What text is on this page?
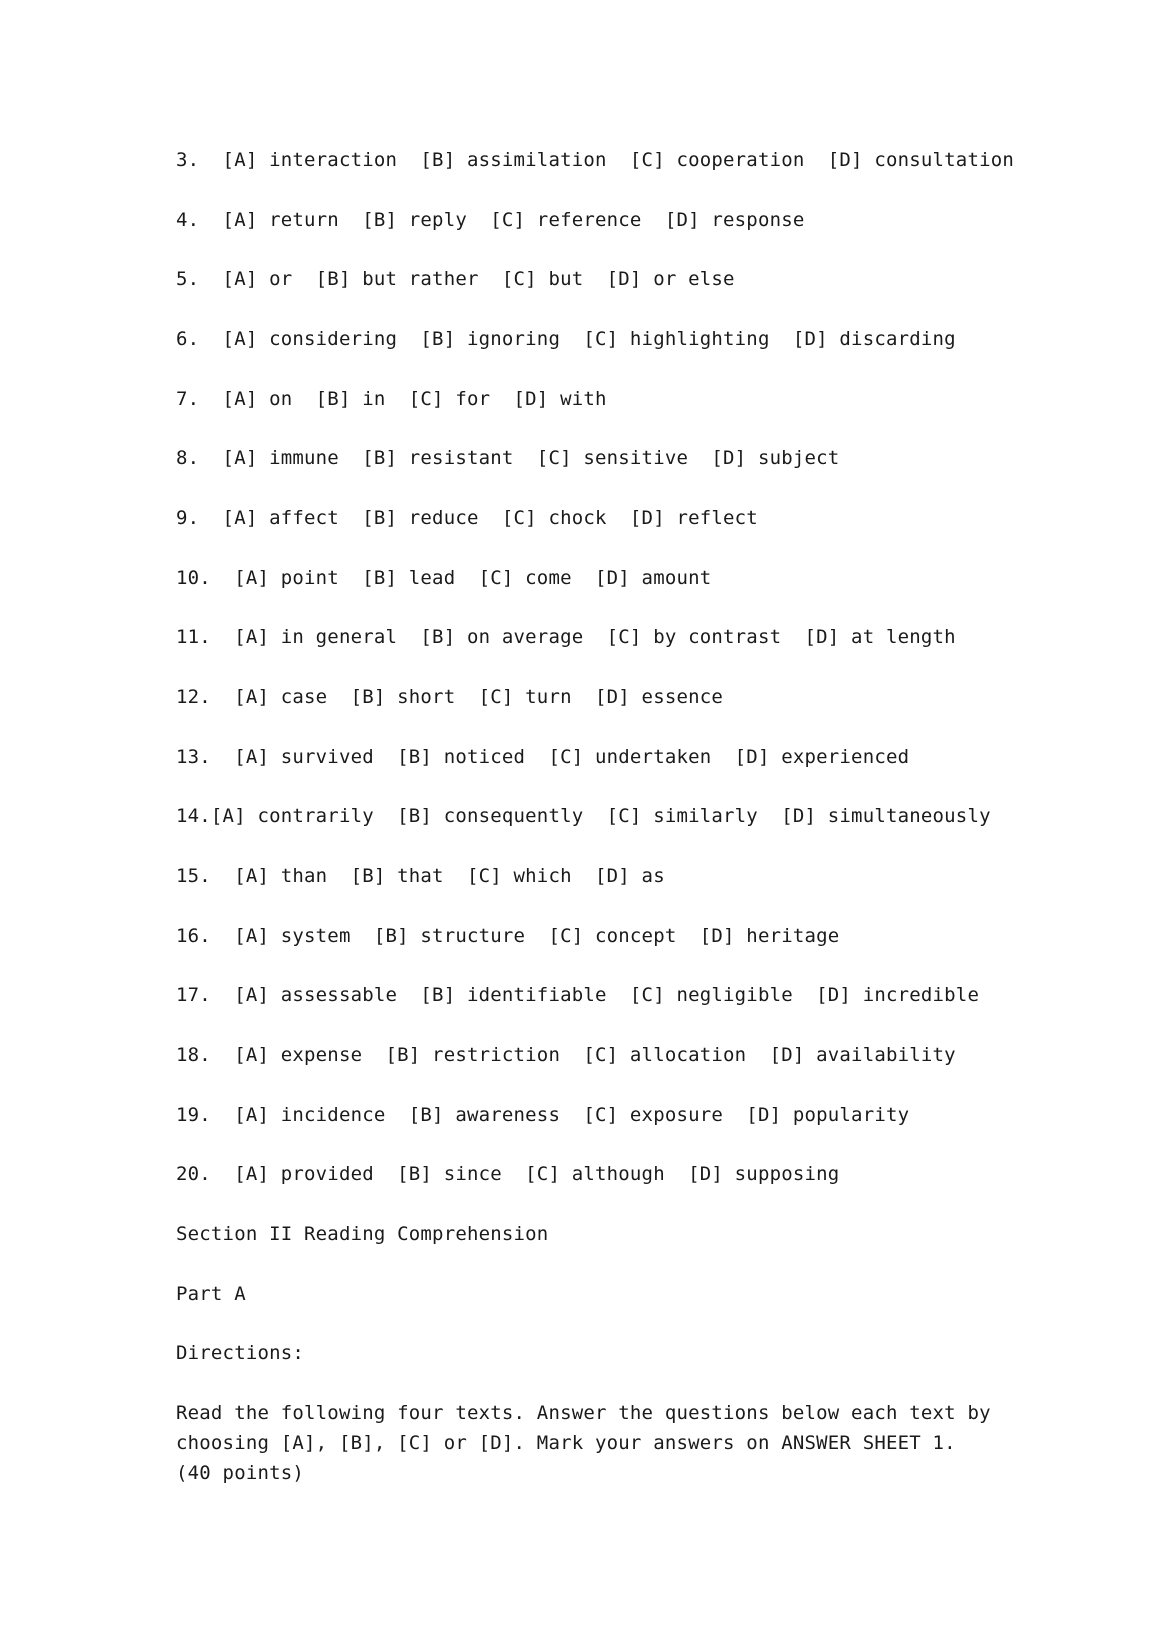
3.  [A] interaction  [B] assimilation  [C] cooperation  [D] consultation
4.  [A] return  [B] reply  [C] reference  [D] response
5.  [A] or  [B] but rather  [C] but  [D] or else
6.  [A] considering  [B] ignoring  [C] highlighting  [D] discarding
7.  [A] on  [B] in  [C] for  [D] with
8.  [A] immune  [B] resistant  [C] sensitive  [D] subject
9.  [A] affect  [B] reduce  [C] chock  [D] reflect
10.  [A] point  [B] lead  [C] come  [D] amount
11.  [A] in general  [B] on average  [C] by contrast  [D] at length
12.  [A] case  [B] short  [C] turn  [D] essence
13.  [A] survived  [B] noticed  [C] undertaken  [D] experienced
14.[A] contrarily  [B] consequently  [C] similarly  [D] simultaneously
15.  [A] than  [B] that  [C] which  [D] as
16.  [A] system  [B] structure  [C] concept  [D] heritage
17.  [A] assessable  [B] identifiable  [C] negligible  [D] incredible
18.  [A] expense  [B] restriction  [C] allocation  [D] availability
19.  [A] incidence  [B] awareness  [C] exposure  [D] popularity
20.  [A] provided  [B] since  [C] although  [D] supposing
Section II Reading Comprehension
Part A
Directions:
Read the following four texts. Answer the questions below each text by choosing [A], [B], [C] or [D]. Mark your answers on ANSWER SHEET 1. (40 points)
